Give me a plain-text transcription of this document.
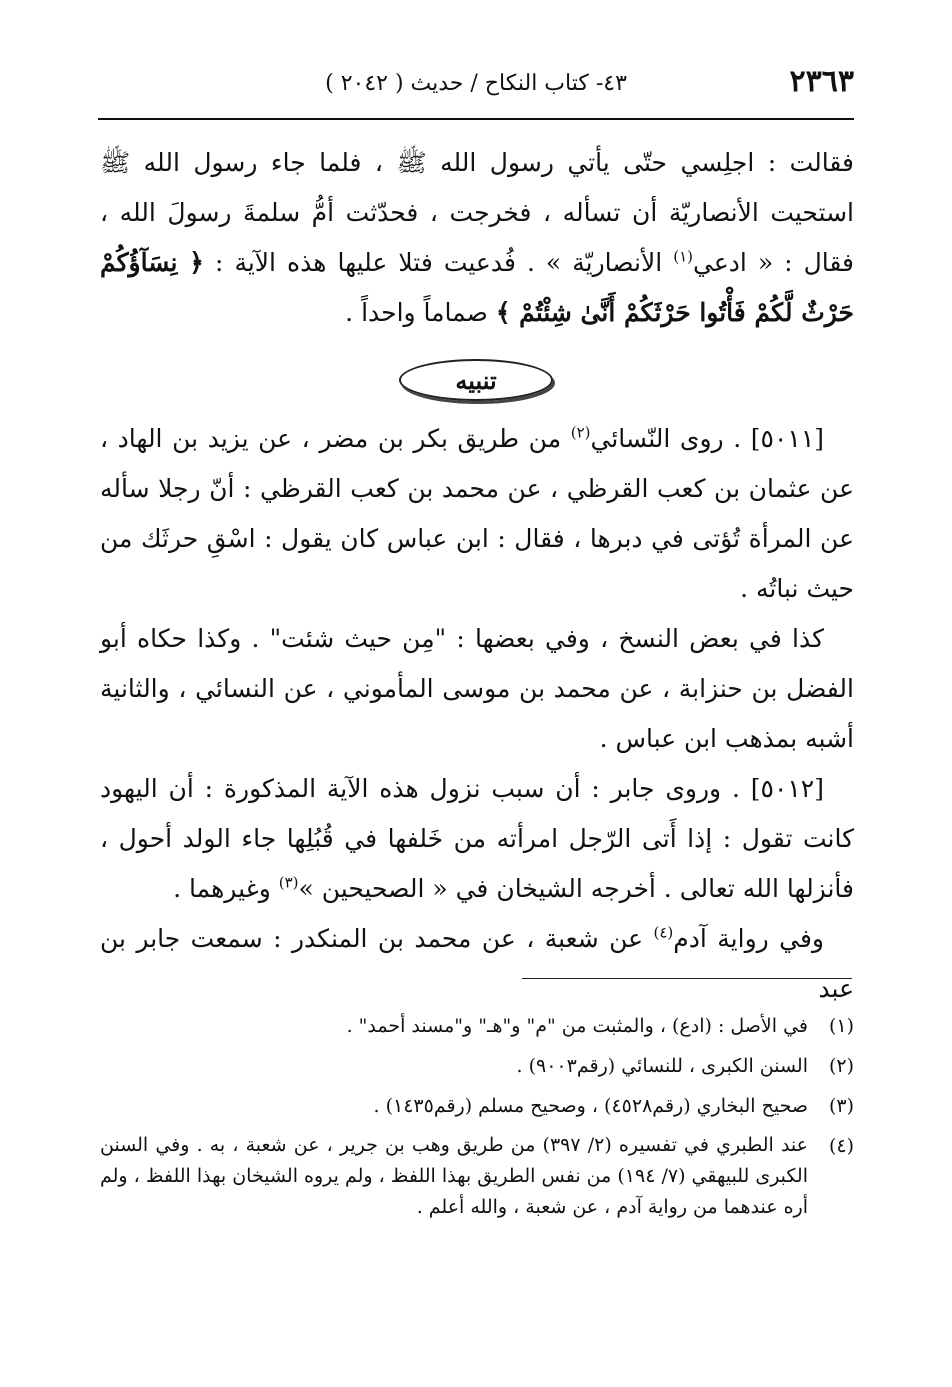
٢٣٦٣
٤٣- كتاب النكاح / حديث ( ٢٠٤٢ )

فقالت : اجلِسي حتّى يأتي رسول الله ﷺ ، فلما جاء رسول الله ﷺ استحيت الأنصاريّة أن تسأله ، فخرجت ، فحدّثت أمُّ سلمةَ رسولَ الله ، فقال : « ادعي$^{(١)}$ الأنصاريّة » . فُدعيت فتلا عليها هذه الآية : ﴿ نِسَآؤُكُمْ حَرْثٌ لَّكُمْ فَأْتُوا حَرْثَكُمْ أَنَّىٰ شِئْتُمْ ﴾ صماماً واحداً .

تنبيه

[٥٠١١] . روى النّسائي$^{(٢)}$ من طريق بكر بن مضر ، عن يزيد بن الهاد ، عن عثمان بن كعب القرظي ، عن محمد بن كعب القرظي : أنّ رجلا سأله عن المرأة تُؤتى في دبرها ، فقال : ابن عباس كان يقول : اسْقِ حرثَك من حيث نباتُه .

كذا في بعض النسخ ، وفي بعضها : "مِن حيث شئت" . وكذا حكاه أبو الفضل بن حنزابة ، عن محمد بن موسى المأموني ، عن النسائي ، والثانية أشبه بمذهب ابن عباس .

[٥٠١٢] . وروى جابر : أن سبب نزول هذه الآية المذكورة : أن اليهود كانت تقول : إذا أَتى الرّجل امرأته من خَلفها في قُبُلِها جاء الولد أحول ، فأنزلها الله تعالى . أخرجه الشيخان في « الصحيحين »$^{(٣)}$ وغيرهما .

وفي رواية آدم$^{(٤)}$ عن شعبة ، عن محمد بن المنكدر : سمعت جابر بن عبد

(١)
في الأصل : (ادع) ، والمثبت من "م" و"هـ" و"مسند أحمد" .
(٢)
السنن الكبرى ، للنسائي (رقم٩٠٠٣) .
(٣)
صحيح البخاري (رقم٤٥٢٨) ، وصحيح مسلم (رقم١٤٣٥) .
(٤)
عند الطبري في تفسيره (٢/ ٣٩٧) من طريق وهب بن جرير ، عن شعبة ، به . وفي السنن الكبرى للبيهقي (٧/ ١٩٤) من نفس الطريق بهذا اللفظ ، ولم يروه الشيخان بهذا اللفظ ، ولم أره عندهما من رواية آدم ، عن شعبة ، والله أعلم .
